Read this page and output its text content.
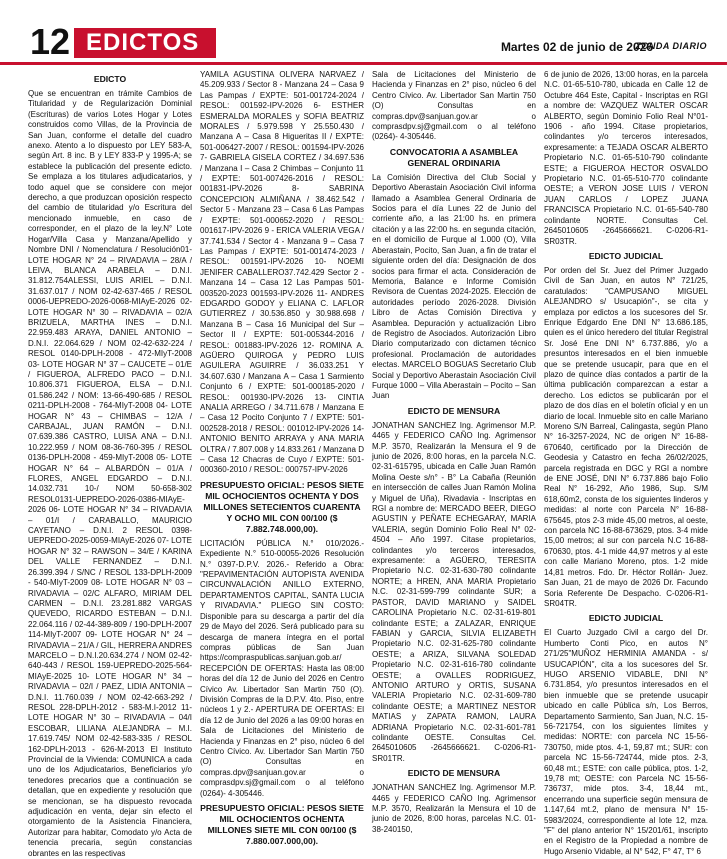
12 EDICTOS	Martes 02 de junio de 2026
ZONDA DIARIO
EDICTO

Que se encuentran en trámite Cambios de Titularidad y de Regularización Dominial (Escrituras) de varios Lotes Hogar y Lotes construidos como Villas, de la Provincia de San Juan, conforme el detalle del cuadro anexo. Atento a lo dispuesto por LEY 583-A, según Art. 8 inc. B y LEY 833-P y 1995-A; se establece la publicación del presente edicto. Se emplaza a los titulares adjudicatarios, y todo aquel que se considere con mejor derecho, a que produzcan oposición respecto del cambio de titularidad y/o Escritura del mencionado inmueble, en caso de corresponder, en el plazo de la ley.N° Lote Hogar/Villa Casa y Manzana/Apellido y Nombre DNI / Nomenclatura / Resolución01-LOTE HOGAR N° 24 – RIVADAVIA – 28/A / LEIVA, BLANCA ARABELA – D.N.I. 31.812.754ALESSI, LUIS ARIEL – D.N.I. 31.637.017 / NOM 02-42-637-465 / RESOL 0006-UEPREDO-2026-0068-MIAyE-2026 02- LOTE HOGAR N° 30 – RIVADAVIA – 02/A BRIZUELA, MARTHA INES – D.N.I. 22.959.483 ARAYA, DANIEL ANTONIO – D.N.I. 22.064.629 / NOM 02-42-632-224 / RESOL 0140-DPLH-2008 - 472-MIyT-2008 03- LOTE HOGAR N° 37 – CAUCETE – 01/E / FIGUEROA, ALFREDO PACO – D.N.I. 10.806.371 FIGUEROA, ELSA – D.N.I. 01.586.242 / NOM: 13-66-490-685 / RESOL 0211-DPLH-2008 - 764-MIyT-2008 04- LOTE HOGAR N° 43 – CHIMBAS – 12/A / CARBAJAL, JUAN RAMÓN – D.N.I. 07.639.386 CASTRO, LUISA ANA – D.N.I. 10.222.959 / NOM 08-36-760-395 / RESOL 0136-DPLH-2008 - 459-MIyT-2008 05- LOTE HOGAR N° 64 – ALBARDÓN – 01/A / FLORES, ANGEL EDGARDO – D.N.I. 14.032.731 10-/ NOM 50-658-302 RESOL0131-UEPREDO-2026-0386-MIAyE-2026 06- LOTE HOGAR N° 34 – RIVADAVIA – 01/I / CARABALLO, MAURICIO CAYETANO – D.N.I. 2 RESOL 0398-UEPREDO-2025-0059-MIAyE-2026 07- LOTE HOGAR N° 32 – RAWSON – 34/E / KARINA DEL VALLE FERNANDEZ – D.N.I. 26.399.394 / S/NC / RESOL 133-DPLH-2009 - 540-MIyT-2009 08- LOTE HOGAR N° 03 – RIVADAVIA – 02/C ALFARO, MIRIAM DEL CARMEN – D.N.I. 23.281.882 VARGAS QUEVEDO, RICARDO ESTEBAN – D.N.I. 22.064.116 / 02-44-389-809 / 190-DPLH-2007 114-MIyT-2007 09- LOTE HOGAR N° 24 – RIVADAVIA – 21/A / GIL, HERRERA ANDRES MARCELO – D.N.I.20.634.274 / NOM 02-42-640-443 / RESOL 159-UEPREDO-2025-564-MIAyE-2025 10- LOTE HOGAR N° 34 – RIVADAVIA – 02/I / PAEZ, LIDIA ANTONIA – D.N.I. 11.760.039 / NOM 02-42-663-292 / RESOL 228-DPLH-2012 - 583-M.I-2012 11- LOTE HOGAR N° 30 – RIVADAVIA – 04/I ESCOBAR, LILIANA ALEJANDRA – M.I. 17.619.745/ NOM 02-42-583-335 / RESOL 162-DPLH-2013 - 626-M-2013 El Instituto Provincial de la Vivienda: COMUNICA a cada uno de los Adjudicatarios, Beneficiarios y/o tenedores precarios que a continuación se detallan, que en expediente y resolución que se mencionan, se ha dispuesto revocada adjudicación en venta, dejar sin efecto el otorgamiento de la Asistencia Financiera, Autorizar para habitar, Comodato y/o Acta de tenencia precaria, según constancias obrantes en las respectivas

YAMILA AGUSTINA OLIVERA NARVAEZ / 45.209.933 / Sector 8 - Manzana 24 – Casa 9 Las Pampas / EXPTE: 501-001724-2024 / RESOL: 001592-IPV-2026 6- ESTHER ESMERALDA MORALES y SOFIA BEATRIZ MORALES / 5.979.598 Y 25.550.430 / Manzana A – Casa 8 Higueritas II / EXPTE: 501-006427-2007 / RESOL: 001594-IPV-2026 7- GABRIELA GISELA CORTEZ / 34.697.536 / Manzana I – Casa 2 Chimbas – Conjunto 11 / EXPTE: 501-007426-2016 / RESOL: 001831-IPV-2026 8- SABRINA CONCEPCION ALMIÑANA / 38.462.542 / Sector 5 - Manzana 23 – Casa 6 Las Pampas / EXPTE: 501-000652-2020 / RESOL: 001617-IPV-2026 9 - ERICA VALERIA VEGA / 37.741.534 / Sector 4 - Manzana 9 – Casa 7 Las Pampas / EXPTE: 501-001474-2023 / RESOL: 001591-IPV-2026 10- NOEMI JENIFER CABALLERO37.742.429 Sector 2 - Manzana 14 – Casa 12 Las Pampas 501-003520-2023 001593-IPV-2026 11- ANDRES EDGARDO GODOY y ELIANA C. LAFLOR GUTIERREZ / 30.536.850 y 30.988.698 / Manzana B – Casa 16 Municipal del Sur – Sector II / EXPTE: 501-005344-2016 / RESOL: 001883-IPV-2026 12- ROMINA A. AGÜERO QUIROGA y PEDRO LUIS AGUILERA AGUIRRE / 36.033.251 Y 34.607.630 / Manzana A – Casa 1 Sarmiento Conjunto 6 / EXPTE: 501-000185-2020 / RESOL: 001930-IPV-2026 13- CINTIA ANALIA ARREGO / 34.711.678 / Manzana E – Casa 12 Pocito Conjunto 7 / EXPTE: 501-002528-2018 / RESOL: 001012-IPV-2026 14- ANTONIO BENITO ARRAYA y ANA MARIA OLTRA / 7.807.008 y 14.833.261 / Manzana D – Casa 12 Chacras de Cuyo / EXPTE: 501-000360-2010 / RESOL: 000757-IPV-2026

PRESUPUESTO OFICIAL: PESOS SIETE MIL OCHOCIENTOS OCHENTA Y DOS MILLONES SETECIENTOS CUARENTA Y OCHO MIL CON 00/100 ($ 7.882.748.000,00).

LICITACIÓN PÚBLICA N.° 010/2026.- Expediente N.° 510-00055-2026 Resolución N.° 0397-D.P.V. 2026.- Referido a Obra: "REPAVIMENTACIÓN AUTOPISTA AVENIDA CIRCUNVALACIÓN ANILLO EXTERNO, DEPARTAMENTOS CAPITAL, SANTA LUCIA Y RIVADAVIA." PLIEGO SIN COSTO: Disponible para su descarga a partir del día 29 de Mayo del 2026. Será publicado para su descarga de manera íntegra en el portal compras públicas de San Juan https://compraspublicas.sanjuan.gob.ar/ RECEPCIÓN DE OFERTAS: Hasta las 08:00 horas del día 12 de Junio del 2026 en Centro Cívico Av. Libertador San Martin 750 (O). División Compras de la D.P.V. 4to. Piso, entre núcleos 1 y 2.- APERTURA DE OFERTAS: El día 12 de Junio del 2026 a las 09:00 horas en Sala de Licitaciones del Ministerio de Hacienda y Finanzas en 2° piso, núcleo 6 del Centro Cívico. Av. Libertador San Martin 750 (O) Consultas en compras.dpv@sanjuan.gov.ar o comprasdpv.sj@gmail.com o al teléfono (0264)- 4-305446.

PRESUPUESTO OFICIAL: PESOS SIETE MIL OCHOCIENTOS OCHENTA MILLONES SIETE MIL CON 00/100 ($ 7.880.007.000,00).

Sala de Licitaciones del Ministerio de Hacienda y Finanzas en 2° piso, núcleo 6 del Centro Cívico. Av. Libertador San Martin 750 (O) Consultas en compras.dpv@sanjuan.gov.ar o comprasdpv.sj@gmail.com o al teléfono (0264)- 4-305446.

CONVOCATORIA A ASAMBLEA GENERAL ORDINARIA

La Comisión Directiva del Club Social y Deportivo Aberastain Asociación Civil informa llamado a Asamblea General Ordinaria de Socios para el día Lunes 22 de Junio del corriente año, a las 21:00 hs. en primera citación y a las 22:00 hs. en segunda citación, en el domicilio de Furque al 1.000 (O), Villa Aberastain, Pocito, San Juan, a fin de tratar el siguiente orden del día: Designación de dos socios para firmar el acta. Consideración de Memoria, Balance e Informe Comisión Revisora de Cuentas 2024-2025. Elección de autoridades período 2026-2028. División Libro de Actas Comisión Directiva y Asamblea. Depuración y actualización Libro de Registro de Asociados. Autorización Libro Diario computarizado con dictamen técnico profesional. Proclamación de autoridades electas. MARCELO BOGUAS Secretario Club Social y Deportivo Aberastain Asociación Civil Furque 1000 – Villa Aberastain – Pocito – San Juan

EDICTO DE MENSURA

JONATHAN SANCHEZ Ing. Agrimensor M.P. 4465 y FEDERICO CAÑO Ing. Agrimensor M.P. 3570, Realizarán la Mensura el 9 de junio de 2026, 8:00 horas, en la parcela N.C. 02-31-615795, ubicada en Calle Juan Ramón Molina Oeste s/n° - B° La Cabaña (Reunión en intersección de calles Juan Ramón Molina y Miguel de Uña), Rivadavia - Inscriptas en RGI a nombre de: MERCADO BEER, DIEGO AGUSTIN y PEÑATE ECHEGARAY, MARIA VALERIA, según Dominio Folio Real N° 02-4504 – Año 1997. Citase propietarios, colindantes y/o terceros interesados, expresamente: a AGÜERO, TERESITA Propietario N.C. 02-31-630-780 colindante NORTE; a HREN, ANA MARIA Propietario N.C. 02-31-599-799 colindante SUR; a PASTOR, DAVID MARIANO y SAIDEL CAROLINA Propietario N.C. 02-31-619-801 colindante ESTE; a ZALAZAR, ENRIQUE FABIAN y GARCIA, SILVIA ELIZABETH Propietario N.C. 02-31-625-780 colindante OESTE; a ARIZA, SILVANA SOLEDAD Propietario N.C. 02-31-616-780 colindante OESTE; a OVALLES RODRIGUEZ, ANTONIO ARTURO y ORTIS, SUSANA VALERIA Propietario N.C. 02-31-609-780 colindante OESTE; a MARTINEZ NESTOR MATIAS y ZAPATA RAMON, LAURA ADRIANA Propietario N.C. 02-31-601-781 colindante OESTE. Consultas Cel. 2645010605 -2645666621. C-0206-R1-SR01TR.

EDICTO DE MENSURA

JONATHAN SANCHEZ Ing. Agrimensor M.P. 4465 y FEDERICO CAÑO Ing. Agrimensor M.P. 3570, Realizarán la Mensura el 10 de junio de 2026, 8:00 horas, parcelas N.C. 01-38-240150,

6 de junio de 2026, 13:00 horas, en la parcela N.C. 01-65-510-780, ubicada en Calle 12 de Octubre 464 Este, Capital - Inscriptas en RGI a nombre de: VAZQUEZ WALTER OSCAR ALBERTO, según Dominio Folio Real N°01-1906 - año 1994. Citase propietarios, colindantes y/o terceros interesados, expresamente: a TEJADA OSCAR ALBERTO Propietario N.C. 01-65-510-790 colindante ESTE; a FIGUEROA HECTOR OSVALDO Propietario N.C. 01-65-510-770 colindante OESTE; a VERON JOSE LUIS / VERON JUAN CARLOS / LOPEZ JUANA FRANCISCA Propietario N.C. 01-65-540-780 colindante NORTE. Consultas Cel. 2645010605 -2645666621. C-0206-R1-SR03TR.

EDICTO JUDICIAL

Por orden del Sr. Juez del Primer Juzgado Civil de San Juan, en autos N° 721/25, caratulados: "CAMPUSANO MIGUEL ALEJANDRO s/ Usucapión"-, se cita y emplaza por edictos a los sucesores del Sr. Enrique Edgardo Ene DNI N° 13.686.185, quien es el único heredero del titular Registral Sr. José Ene DNI N° 6.737.886, y/o a presuntos interesados en el bien inmueble que se pretende usucapir, para que en el plazo de quince días contados a partir de la última publicación comparezcan a estar a derecho. Los edictos se publicarán por el plazo de dos días en el boletín oficial y en un diario de local. Inmueble sito en calle Mariano Moreno S/N Barreal, Calingasta, según Plano N° 16-3257-2024, NC de origen N° 16-88-670640, certificado por la Dirección de Geodesia y Catastro en fecha 26/02/2025, parcela registrada en DGC y RGI a nombre de ENE JOSÉ, DNI N° 6.737.886 bajo Folio Real N° 16-292, Año 1986, Sup. S/M 618,60m2, consta de los siguientes linderos y medidas: al norte con Parcela N° 16-88-675645, ptos 2-3 mide 45,00 metros, al oeste, con parcela NC 16-88-673629, ptos. 3-4 mide 15,00 metros; al sur con parcela N.C 16-88-670630, ptos. 4-1 mide 44,97 metros y al este con calle Mariano Moreno, ptos. 1-2 mide 14,81 metros. Fdo. Dr. Héctor Rollán- Juez. San Juan, 21 de mayo de 2026 Dr. Facundo Soria Referente De Despacho. C-0206-R1-SR04TR.

EDICTO JUDICIAL

El Cuarto Juzgado Civil a cargo del Dr. Humberto Conti Pico, en autos N° 271/25"MUÑOZ HERMINIA AMANDA - s/ USUCAPIÓN", cita a los sucesores del Sr. HUGO ARSENIO VIDABLE, DNI N° 6.731.854, y/o presuntos interesados en el bien inmueble que se pretende usucapir ubicado en calle Pública s/n, Los Berros, Departamento Sarmiento, San Juan, N.C. 15-56-721754, con los siguientes límites y medidas: NORTE: con parcela NC 15-56-730750, mide ptos. 4-1, 59,87 mt.; SUR: con parcela NC 15-56-724744, mide ptos. 2-3, 60,48 mt.; ESTE: con calle pública, ptos. 1-2, 19,78 mt; OESTE: con Parcela NC 15-56-736737, mide ptos. 3-4, 18,44 mt., encerrando una superficie según mensura de 1.147,64 mt.2, plano de mensura N° 15-5983/2024, correspondiente al lote 12, mza. "F" del plano anterior N° 15/201/61, inscripto en el Registro de la Propiedad a nombre de Hugo Arsenio Vidable, al N° 542, F° 47, T° 6
